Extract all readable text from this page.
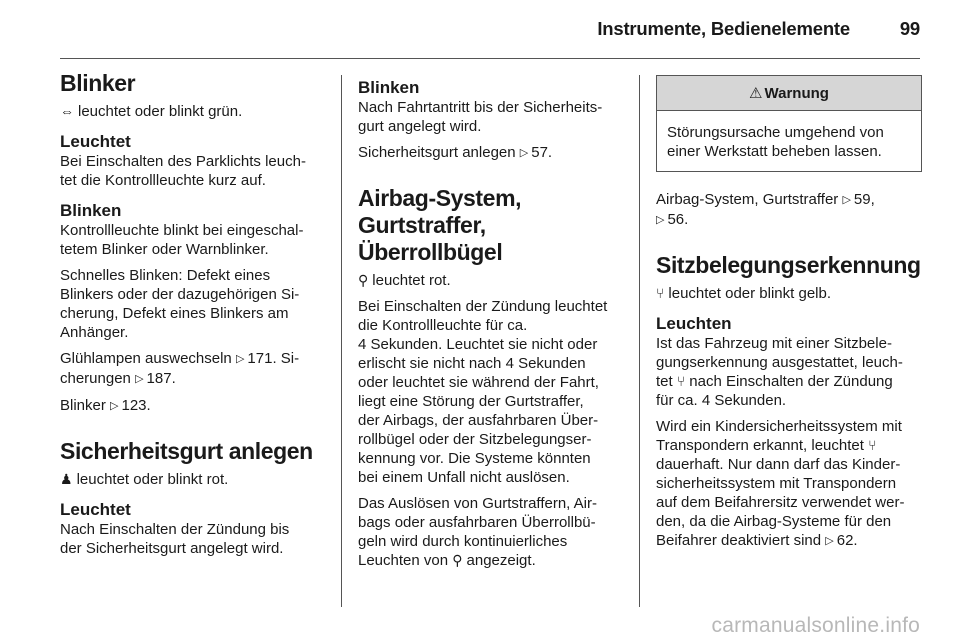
Instrumente, Bedienelemente	99
Blinker
⇔ leuchtet oder blinkt grün.
Leuchtet
Bei Einschalten des Parklichts leuch-
tet die Kontrollleuchte kurz auf.
Blinken
Kontrollleuchte blinkt bei eingeschal-
tetem Blinker oder Warnblinker.
Schnelles Blinken: Defekt eines
Blinkers oder der dazugehörigen Si-
cherung, Defekt eines Blinkers am
Anhänger.
Glühlampen auswechseln ▷ 171. Si-
cherungen ▷ 187.
Blinker ▷ 123.
Sicherheitsgurt anlegen
♟ leuchtet oder blinkt rot.
Leuchtet
Nach Einschalten der Zündung bis
der Sicherheitsgurt angelegt wird.
Blinken
Nach Fahrtantritt bis der Sicherheits-
gurt angelegt wird.
Sicherheitsgurt anlegen ▷ 57.
Airbag-System,
Gurtstraffer, Überrollbügel
⚲ leuchtet rot.
Bei Einschalten der Zündung leuchtet
die Kontrollleuchte für ca.
4 Sekunden. Leuchtet sie nicht oder
erlischt sie nicht nach 4 Sekunden
oder leuchtet sie während der Fahrt,
liegt eine Störung der Gurtstraffer,
der Airbags, der ausfahrbaren Über-
rollbügel oder der Sitzbelegungser-
kennung vor. Die Systeme könnten
bei einem Unfall nicht auslösen.
Das Auslösen von Gurtstraffern, Air-
bags oder ausfahrbaren Überrollbü-
geln wird durch kontinuierliches
Leuchten von ⚲ angezeigt.
⚠ Warnung
Störungsursache umgehend von
einer Werkstatt beheben lassen.
Airbag-System, Gurtstraffer ▷ 59,
▷ 56.
Sitzbelegungserkennung
⑂ leuchtet oder blinkt gelb.
Leuchten
Ist das Fahrzeug mit einer Sitzbele-
gungserkennung ausgestattet, leuch-
tet ⑂ nach Einschalten der Zündung
für ca. 4 Sekunden.
Wird ein Kindersicherheitssystem mit
Transpondern erkannt, leuchtet ⑂
dauerhaft. Nur dann darf das Kinder-
sicherheitssystem mit Transpondern
auf dem Beifahrersitz verwendet wer-
den, da die Airbag-Systeme für den
Beifahrer deaktiviert sind ▷ 62.
carmanualsonline.info
